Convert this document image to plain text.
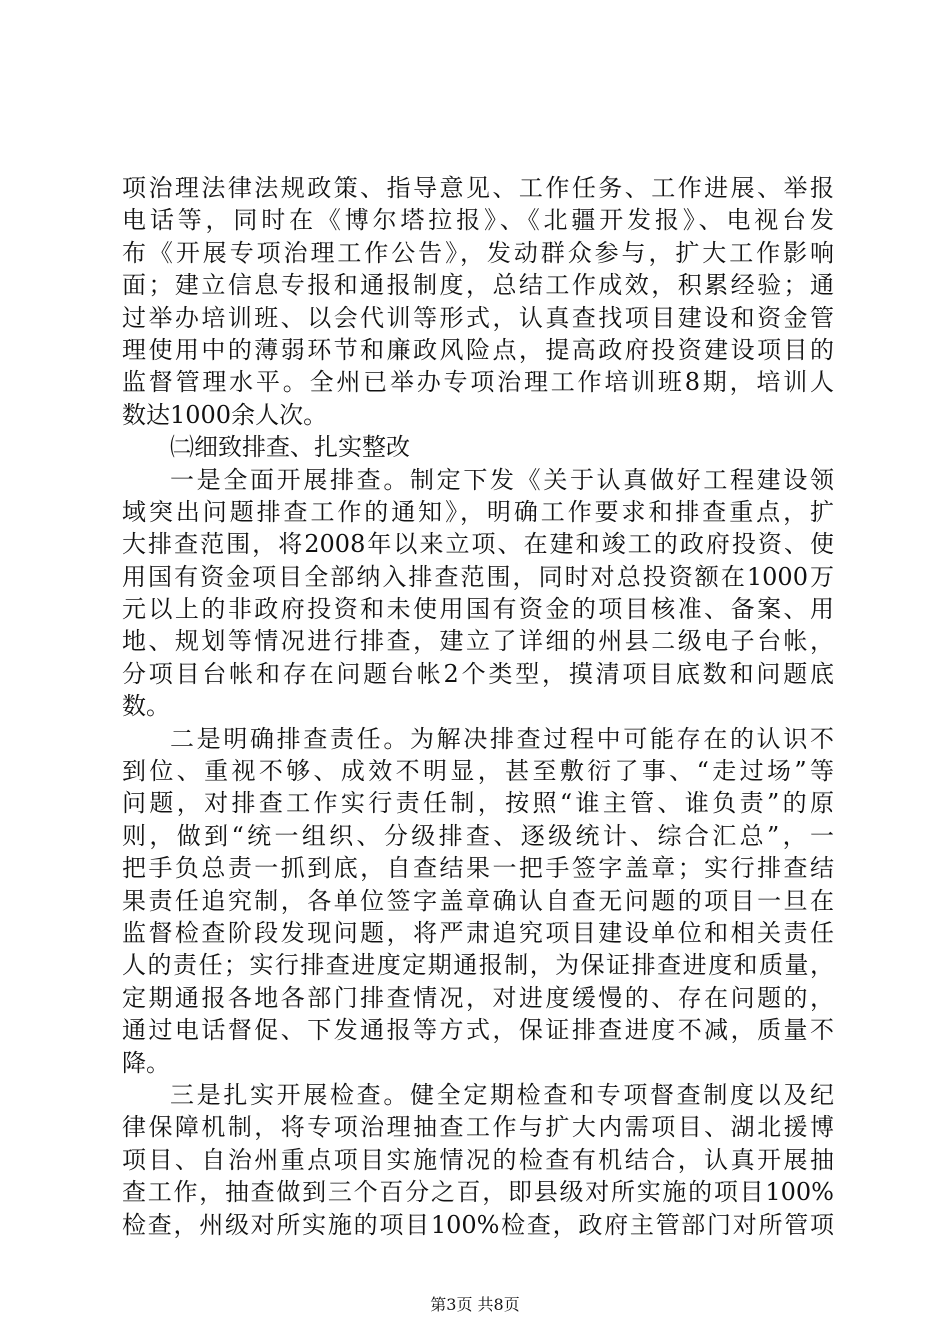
项治理法律法规政策、指导意见、工作任务、工作进展、举报
电话等，同时在《博尔塔拉报》、《北疆开发报》、电视台发
布《开展专项治理工作公告》，发动群众参与，扩大工作影响
面；建立信息专报和通报制度，总结工作成效，积累经验；通
过举办培训班、以会代训等形式，认真查找项目建设和资金管
理使用中的薄弱环节和廉政风险点，提高政府投资建设项目的
监督管理水平。全州已举办专项治理工作培训班8期，培训人
数达1000余人次。
㈡细致排查、扎实整改
一是全面开展排查。制定下发《关于认真做好工程建设领
域突出问题排查工作的通知》，明确工作要求和排查重点，扩
大排查范围，将2008年以来立项、在建和竣工的政府投资、使
用国有资金项目全部纳入排查范围，同时对总投资额在1000万
元以上的非政府投资和未使用国有资金的项目核准、备案、用
地、规划等情况进行排查，建立了详细的州县二级电子台帐，
分项目台帐和存在问题台帐2个类型，摸清项目底数和问题底
数。
二是明确排查责任。为解决排查过程中可能存在的认识不
到位、重视不够、成效不明显，甚至敷衍了事、“走过场”等
问题，对排查工作实行责任制，按照“谁主管、谁负责”的原
则，做到“统一组织、分级排查、逐级统计、综合汇总”，一
把手负总责一抓到底，自查结果一把手签字盖章；实行排查结
果责任追究制，各单位签字盖章确认自查无问题的项目一旦在
监督检查阶段发现问题，将严肃追究项目建设单位和相关责任
人的责任；实行排查进度定期通报制，为保证排查进度和质量，
定期通报各地各部门排查情况，对进度缓慢的、存在问题的，
通过电话督促、下发通报等方式，保证排查进度不减，质量不
降。
三是扎实开展检查。健全定期检查和专项督查制度以及纪
律保障机制，将专项治理抽查工作与扩大内需项目、湖北援博
项目、自治州重点项目实施情况的检查有机结合，认真开展抽
查工作，抽查做到三个百分之百，即县级对所实施的项目100%
检查，州级对所实施的项目100%检查，政府主管部门对所管项
第3页 共8页
